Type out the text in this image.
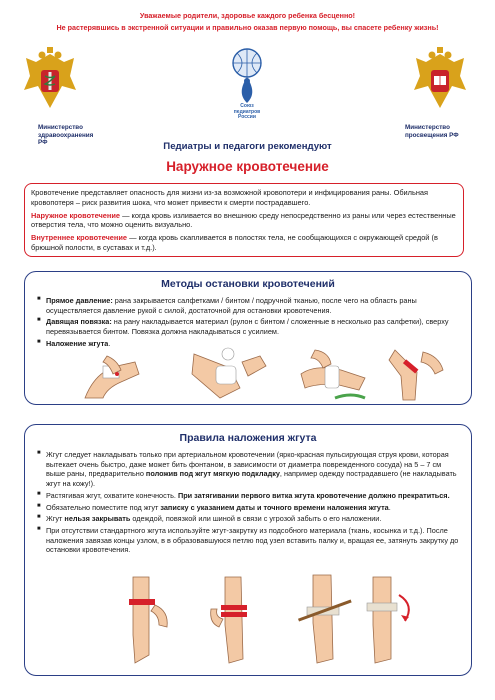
Уважаемые родители, здоровье каждого ребенка бесценно!
Не растерявшись в экстренной ситуации и правильно оказав первую помощь, вы спасете ребенку жизнь!
Министерство здравоохранения РФ
Союз
педиатров
России
Министерство просвещения РФ
Педиатры и педагоги рекомендуют
Наружное кровотечение

Кровотечение представляет опасность для жизни из-за возможной кровопотери и инфицирования раны. Обильная кровопотеря – риск развития шока, что может привести к смерти пострадавшего.

Наружное кровотечение — когда кровь изливается во внешнюю среду непосредственно из раны или через естественные отверстия тела, что можно оценить визуально.

Внутреннее кровотечение — когда кровь скапливается в полостях тела, не сообщающихся с окружающей средой (в брюшной полости, в суставах и т.д.).

Методы остановки кровотечений
■ Прямое давление: рана закрывается салфетками / бинтом / подручной тканью, после чего на область раны осуществляется давление рукой с силой, достаточной для остановки кровотечения.
■ Давящая повязка: на рану накладывается материал (рулон с бинтом / сложенные в несколько раз салфетки), сверху перевязывается бинтом. Повязка должна накладываться с усилием.
■ Наложение жгута.
Правила наложения жгута
■ Жгут следует накладывать только при артериальном кровотечении (ярко-красная пульсирующая струя крови, которая вытекает очень быстро, даже может бить фонтаном, в зависимости от диаметра поврежденного сосуда) на 5 – 7 см выше раны, предварительно положив под жгут мягкую подкладку, например одежду пострадавшего (не накладывать жгут на кожу!).
■ Растягивая жгут, охватите конечность. При затягивании первого витка жгута кровотечение должно прекратиться.
■ Обязательно поместите под жгут записку с указанием даты и точного времени наложения жгута.
■ Жгут нельзя закрывать одеждой, повязкой или шиной в связи с угрозой забыть о его наложении.
■ При отсутствии стандартного жгута используйте жгут-закрутку из подсобного материала (ткань, косынка и т.д.). После наложения завязав концы узлом, в в образовавшуюся петлю под узел вставить палку и, вращая ее, затянуть закрутку до остановки кровотечения.
